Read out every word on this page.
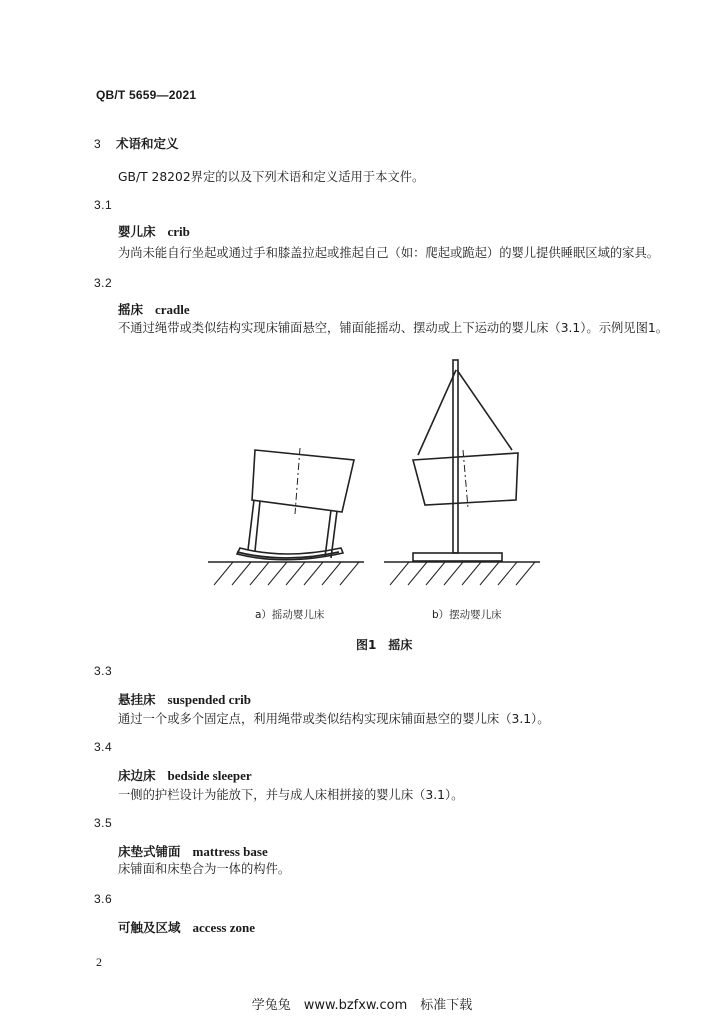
QB/T 5659—2021
3 术语和定义
GB/T 28202界定的以及下列术语和定义适用于本文件。
3.1
婴儿床 crib
为尚未能自行坐起或通过手和膝盖拉起或推起自己（如：爬起或跪起）的婴儿提供睡眠区域的家具。
3.2
摇床 cradle
不通过绳带或类似结构实现床铺面悬空，铺面能摇动、摆动或上下运动的婴儿床（3.1）。示例见图1。
a）摇动婴儿床	b）摆动婴儿床
图1　摇床
3.3
悬挂床 suspended crib
通过一个或多个固定点，利用绳带或类似结构实现床铺面悬空的婴儿床（3.1）。
3.4
床边床 bedside sleeper
一侧的护栏设计为能放下，并与成人床相拼接的婴儿床（3.1）。
3.5
床垫式铺面 mattress base
床铺面和床垫合为一体的构件。
3.6
可触及区域 access zone
2
学兔兔　www.bzfxw.com　标准下载
